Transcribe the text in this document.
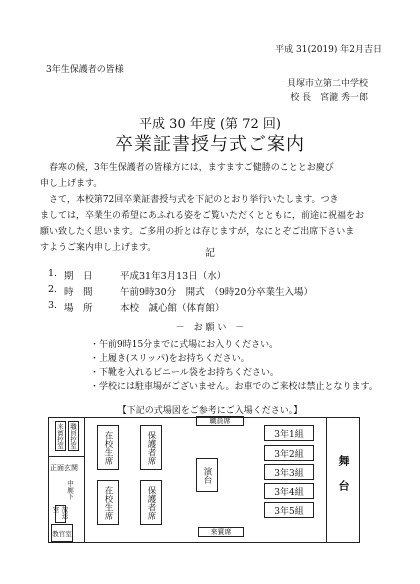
平成 31(2019) 年2月吉日
3年生保護者の皆様
貝塚市立第二中学校
校 長　宮瀧 秀一郎
平成 30 年度 (第 72 回)
卒業証書授与式ご案内
　春寒の候，3年生保護者の皆様方には，ますますご健勝のこととお慶び
申し上げます。
　さて，本校第72回卒業証書授与式を下記のとおり挙行いたします。つき
ましては，卒業生の希望にあふれる姿をご覧いただくとともに，前途に祝福をお
願い致したく思います。ご多用の折とは存じますが，なにとぞご出席下さいま
すようご案内申し上げます。	記
1. 期　日	平成31年3月13日（水）
2. 時　間	午前9時30分　開式　（9時20分卒業生入場）
3. 場　所	本校　誠心館（体育館）
－　お 願 い　－
・午前9時15分までに式場にお入りください。
・上履き(スリッパ)をお持ちください。
・下靴を入れるビニール袋をお持ちください。
・学校には駐車場がございません。お車でのご来校は禁止となります。
【下記の式場図をご参考にご入場ください。】
来賓控室 職員控室
中廊下
放送室
教官室
正面玄関
職員席
来賓席
在校生席	保護者席
在校生席	保護者席
演台
3年1組
3年2組
3年3組
3年4組
3年5組
舞台
